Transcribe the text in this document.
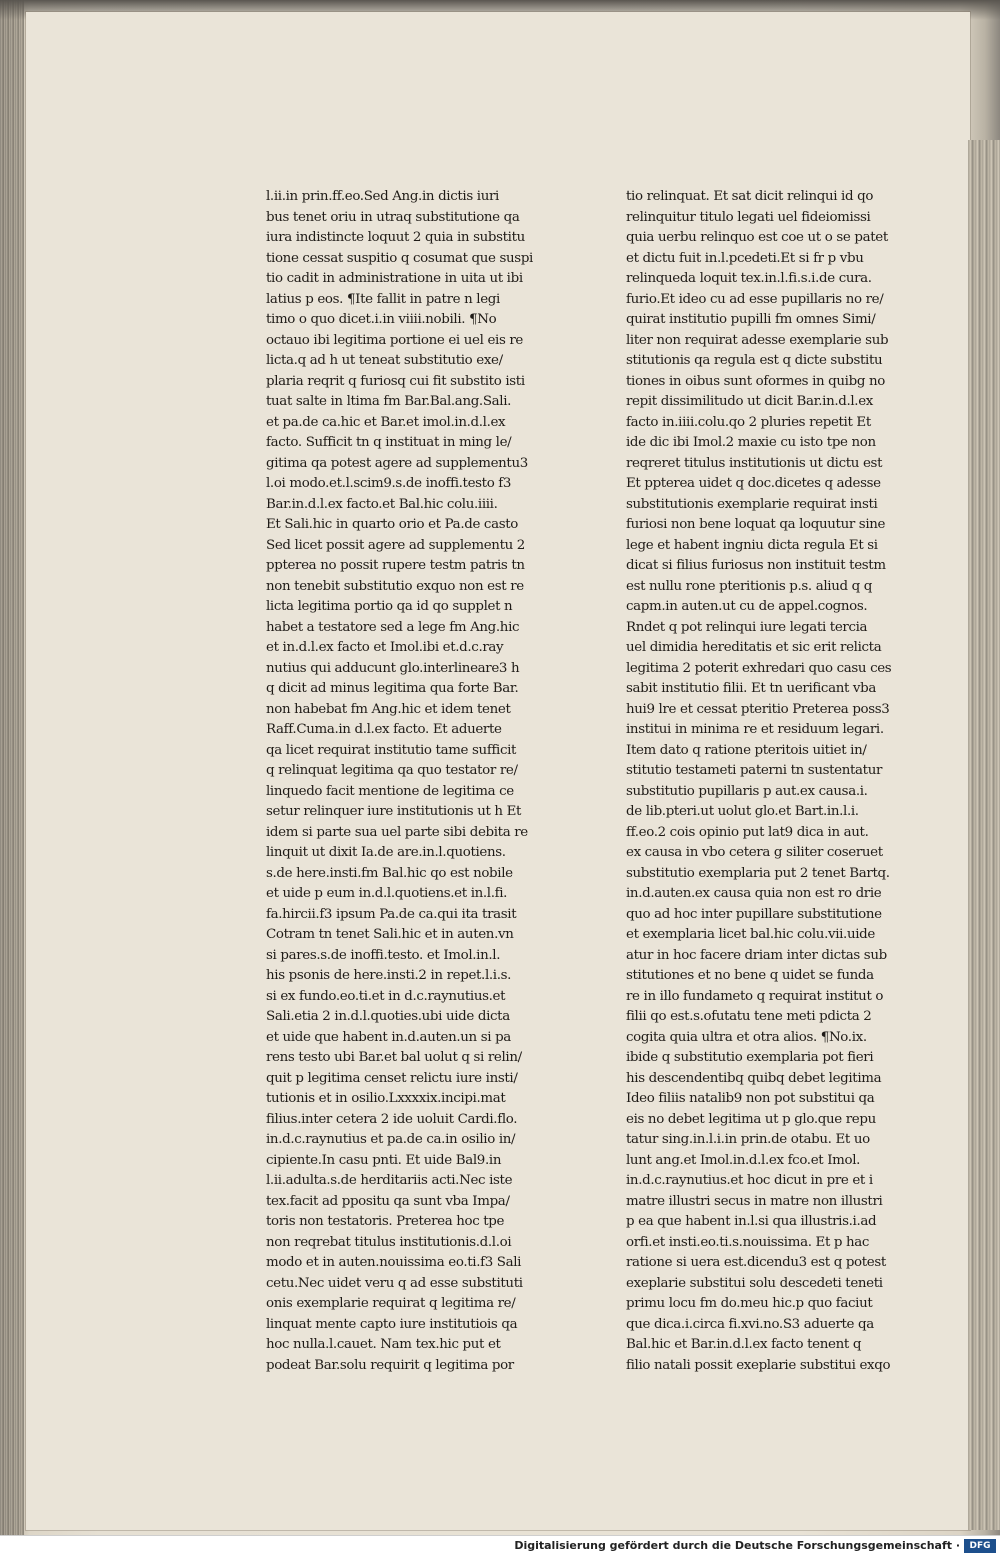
l.ii.in prin.ff.eo.Sed Ang.in dictis iuri
bus tenet oriu in utraq substitutione qa
iura indistincte loquut 2 quia in substitu
tione cessat suspitio q cosumat que suspi
tio cadit in administratione in uita ut ibi
latius p eos. ¶Ite fallit in patre n legi
timo o quo dicet.i.in viiii.nobili. ¶No
octauo ibi legitima portione ei uel eis re
licta.q ad h ut teneat substitutio exe/
plaria reqrit q furiosq cui fit substito isti
tuat salte in ltima fm Bar.Bal.ang.Sali.
et pa.de ca.hic et Bar.et imol.in.d.l.ex
facto. Sufficit tn q instituat in ming le/
gitima qa potest agere ad supplementu3
l.oi modo.et.l.scim9.s.de inoffi.testo f3
Bar.in.d.l.ex facto.et Bal.hic colu.iiii.
Et Sali.hic in quarto orio et Pa.de casto
Sed licet possit agere ad supplementu 2
ppterea no possit rupere testm patris tn
non tenebit substitutio exquo non est re
licta legitima portio qa id qo supplet n
habet a testatore sed a lege fm Ang.hic
et in.d.l.ex facto et Imol.ibi et.d.c.ray
nutius qui adducunt glo.interlineare3 h
q dicit ad minus legitima qua forte Bar.
non habebat fm Ang.hic et idem tenet
Raff.Cuma.in d.l.ex facto. Et aduerte
qa licet requirat institutio tame sufficit
q relinquat legitima qa quo testator re/
linquedo facit mentione de legitima ce
setur relinquer iure institutionis ut h Et
idem si parte sua uel parte sibi debita re
linquit ut dixit Ia.de are.in.l.quotiens.
s.de here.insti.fm Bal.hic qo est nobile
et uide p eum in.d.l.quotiens.et in.l.fi.
fa.hircii.f3 ipsum Pa.de ca.qui ita trasit
Cotram tn tenet Sali.hic et in auten.vn
si pares.s.de inoffi.testo. et Imol.in.l.
his psonis de here.insti.2 in repet.l.i.s.
si ex fundo.eo.ti.et in d.c.raynutius.et
Sali.etia 2 in.d.l.quoties.ubi uide dicta
et uide que habent in.d.auten.un si pa
rens testo ubi Bar.et bal uolut q si relin/
quit p legitima censet relictu iure insti/
tutionis et in osilio.Lxxxxix.incipi.mat
filius.inter cetera 2 ide uoluit Cardi.flo.
in.d.c.raynutius et pa.de ca.in osilio in/
cipiente.In casu pnti. Et uide Bal9.in
l.ii.adulta.s.de herditariis acti.Nec iste
tex.facit ad ppositu qa sunt vba Impa/
toris non testatoris. Preterea hoc tpe
non reqrebat titulus institutionis.d.l.oi
modo et in auten.nouissima eo.ti.f3 Sali
cetu.Nec uidet veru q ad esse substituti
onis exemplarie requirat q legitima re/
linquat mente capto iure institutiois qa
hoc nulla.l.cauet. Nam tex.hic put et
podeat Bar.solu requirit q legitima por
tio relinquat. Et sat dicit relinqui id qo
relinquitur titulo legati uel fideiomissi
quia uerbu relinquo est coe ut o se patet
et dictu fuit in.l.pcedeti.Et si fr p vbu
relinqueda loquit tex.in.l.fi.s.i.de cura.
furio.Et ideo cu ad esse pupillaris no re/
quirat institutio pupilli fm omnes Simi/
liter non requirat adesse exemplarie sub
stitutionis qa regula est q dicte substitu
tiones in oibus sunt oformes in quibg no
repit dissimilitudo ut dicit Bar.in.d.l.ex
facto in.iiii.colu.qo 2 pluries repetit Et
ide dic ibi Imol.2 maxie cu isto tpe non
reqreret titulus institutionis ut dictu est
Et ppterea uidet q doc.dicetes q adesse
substitutionis exemplarie requirat insti
furiosi non bene loquat qa loquutur sine
lege et habent ingniu dicta regula Et si
dicat si filius furiosus non instituit testm
est nullu rone pteritionis p.s. aliud q q
capm.in auten.ut cu de appel.cognos.
Rndet q pot relinqui iure legati tercia
uel dimidia hereditatis et sic erit relicta
legitima 2 poterit exhredari quo casu ces
sabit institutio filii. Et tn uerificant vba
hui9 lre et cessat pteritio Preterea poss3
institui in minima re et residuum legari.
Item dato q ratione pteritois uitiet in/
stitutio testameti paterni tn sustentatur
substitutio pupillaris p aut.ex causa.i.
de lib.pteri.ut uolut glo.et Bart.in.l.i.
ff.eo.2 cois opinio put lat9 dica in aut.
ex causa in vbo cetera g siliter coseruet
substitutio exemplaria put 2 tenet Bartq.
in.d.auten.ex causa quia non est ro drie
quo ad hoc inter pupillare substitutione
et exemplaria licet bal.hic colu.vii.uide
atur in hoc facere driam inter dictas sub
stitutiones et no bene q uidet se funda
re in illo fundameto q requirat institut o
filii qo est.s.ofutatu tene meti pdicta 2
cogita quia ultra et otra alios. ¶No.ix.
ibide q substitutio exemplaria pot fieri
his descendentibq quibq debet legitima
Ideo filiis natalib9 non pot substitui qa
eis no debet legitima ut p glo.que repu
tatur sing.in.l.i.in prin.de otabu. Et uo
lunt ang.et Imol.in.d.l.ex fco.et Imol.
in.d.c.raynutius.et hoc dicut in pre et i
matre illustri secus in matre non illustri
p ea que habent in.l.si qua illustris.i.ad
orfi.et insti.eo.ti.s.nouissima. Et p hac
ratione si uera est.dicendu3 est q potest
exeplarie substitui solu descedeti teneti
primu locu fm do.meu hic.p quo faciut
que dica.i.circa fi.xvi.no.S3 aduerte qa
Bal.hic et Bar.in.d.l.ex facto tenent q
filio natali possit exeplarie substitui exqo
Digitalisierung gefördert durch die Deutsche Forschungsgemeinschaft ·	DFG
